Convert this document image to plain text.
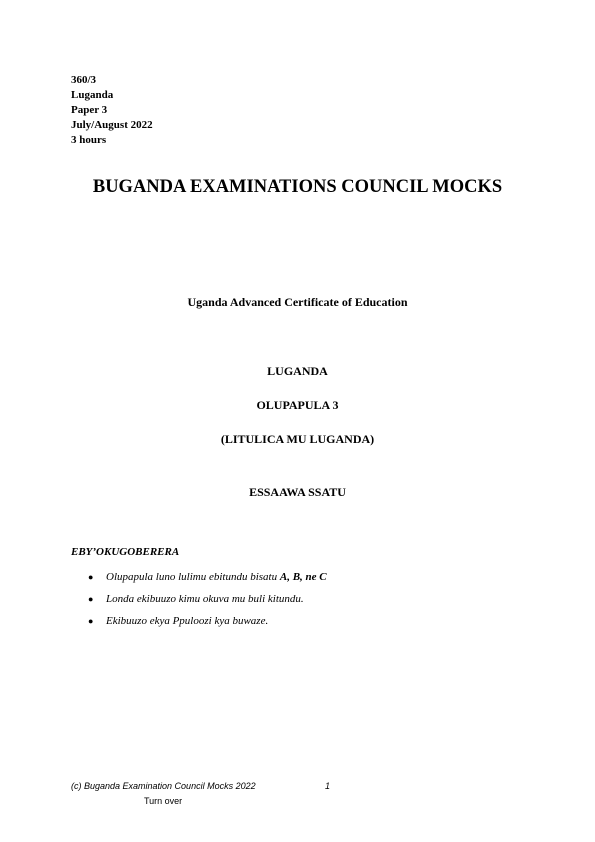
360/3
Luganda
Paper 3
July/August 2022
3 hours
BUGANDA EXAMINATIONS COUNCIL MOCKS
Uganda Advanced Certificate of Education
LUGANDA
OLUPAPULA 3
(LITULICA MU LUGANDA)
ESSAAWA SSATU
EBY’OKUGOBERERA
● Olupapula luno lulimu ebitundu bisatu A, B, ne C
● Londa ekibuuzo kimu okuva mu buli kitundu.
● Ekibuuzo ekya Ppuloozi kya buwaze.
(c) Buganda Examination Council Mocks 2022	1
Turn over
